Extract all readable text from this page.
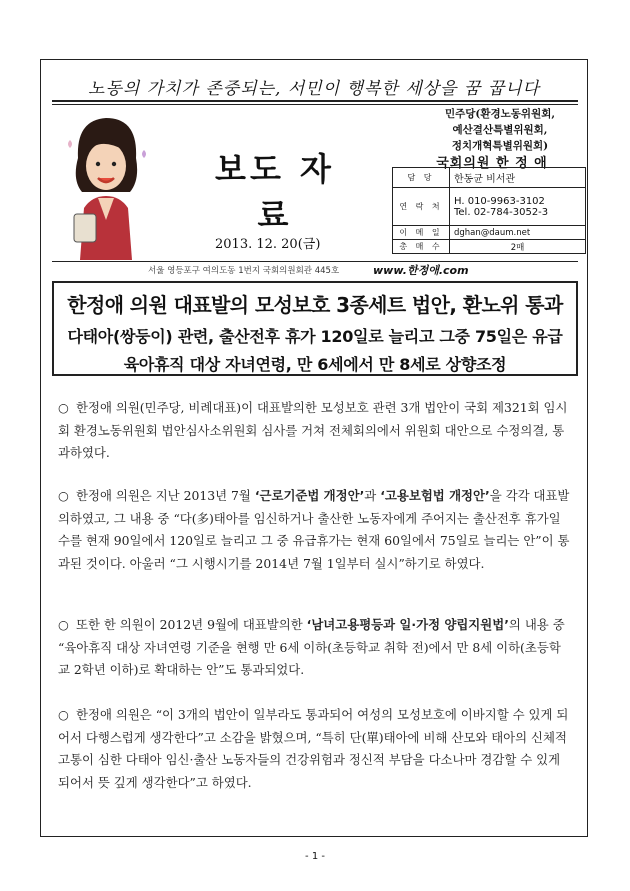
노동의 가치가 존중되는, 서민이 행복한 세상을 꿈 꿉니다
보도 자료
민주당(환경노동위원회,
예산결산특별위원회,
정치개혁특별위원회)
국회의원 한 정 애
담 당	한동균 비서관
연 락 처	H. 010-9963-3102
Tel. 02-784-3052-3

이 메 일	dghan@daum.net
총 매 수	2매
2013. 12. 20(금)
서울 영등포구 여의도동 1번지 국회의원회관 445호	www.한정애.com
한정애 의원 대표발의 모성보호 3종세트 법안, 환노위 통과
다태아(쌍둥이) 관련, 출산전후 휴가 120일로 늘리고 그중 75일은 유급
육아휴직 대상 자녀연령, 만 6세에서 만 8세로 상향조정
○ 한정애 의원(민주당, 비례대표)이 대표발의한 모성보호 관련 3개 법안이 국회 제321회 임시회 환경노동위원회 법안심사소위원회 심사를 거쳐 전체회의에서 위원회 대안으로 수정의결, 통과하였다.
○ 한정애 의원은 지난 2013년 7월 ‘근로기준법 개정안’과 ‘고용보험법 개정안’을 각각 대표발의하였고, 그 내용 중 “다(多)태아를 임신하거나 출산한 노동자에게 주어지는 출산전후 휴가일수를 현재 90일에서 120일로 늘리고 그 중 유급휴가는 현재 60일에서 75일로 늘리는 안”이 통과된 것이다. 아울러 “그 시행시기를 2014년 7월 1일부터 실시”하기로 하였다.
○ 또한 한 의원이 2012년 9월에 대표발의한 ‘남녀고용평등과 일·가정 양립지원법’의 내용 중 “육아휴직 대상 자녀연령 기준을 현행 만 6세 이하(초등학교 취학 전)에서 만 8세 이하(초등학교 2학년 이하)로 확대하는 안”도 통과되었다.
○ 한정애 의원은 “이 3개의 법안이 일부라도 통과되어 여성의 모성보호에 이바지할 수 있게 되어서 다행스럽게 생각한다”고 소감을 밝혔으며, “특히 단(單)태아에 비해 산모와 태아의 신체적 고통이 심한 다태아 임신·출산 노동자들의 건강위험과 정신적 부담을 다소나마 경감할 수 있게 되어서 뜻 깊게 생각한다”고 하였다.
- 1 -
